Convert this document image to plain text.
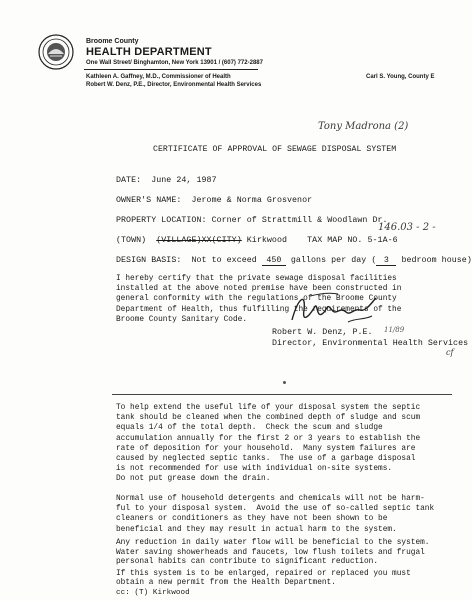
Broome County
HEALTH DEPARTMENT
One Wall Street/ Binghamton, New York 13901 / (607) 772-2887
Kathleen A. Gaffney, M.D., Commissioner of Health
Robert W. Denz, P.E., Director, Environmental Health Services
Carl S. Young, County E
Tony Madrona (2)
CERTIFICATE OF APPROVAL OF SEWAGE DISPOSAL SYSTEM
DATE: June 24, 1987
OWNER'S NAME: Jerome & Norma Grosvenor
PROPERTY LOCATION: Corner of Strattmill & Woodlawn Dr.
146.03 - 2 -
(TOWN) (VILLAGE)XX(CITY) Kirkwood TAX MAP NO. 5-1A-6
DESIGN BASIS: Not to exceed 450 gallons per day ( 3 bedroom house)
I hereby certify that the private sewage disposal facilities
installed at the above noted premise have been constructed in
general conformity with the regulations of the Broome County
Department of Health, thus fulfilling the requirements of the
Broome County Sanitary Code.
Robert W. Denz, P.E.
Director, Environmental Health Services
11/89
cf
To help extend the useful life of your disposal system the septic
tank should be cleaned when the combined depth of sludge and scum
equals 1/4 of the total depth.  Check the scum and sludge
accumulation annually for the first 2 or 3 years to establish the
rate of deposition for your household.  Many system failures are
caused by neglected septic tanks.  The use of a garbage disposal
is not recommended for use with individual on-site systems.
Do not put grease down the drain.
Normal use of household detergents and chemicals will not be harm-
ful to your disposal system.  Avoid the use of so-called septic tank
cleaners or conditioners as they have not been shown to be
beneficial and they may result in actual harm to the system.
Any reduction in daily water flow will be beneficial to the system.
Water saving showerheads and faucets, low flush toilets and frugal
personal habits can contribute to significant reduction.
If this system is to be enlarged, repaired or replaced you must
obtain a new permit from the Health Department.
cc: (T) Kirkwood
